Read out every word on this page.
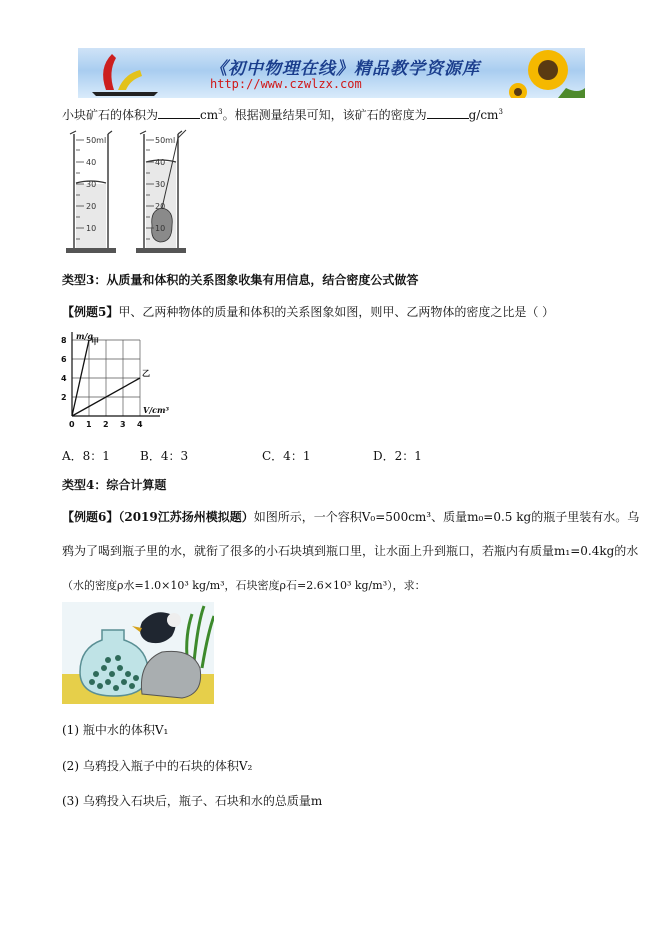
《初中物理在线》精品教学资源库
http://www.czwlzx.com
小块矿石的体积为	$cm^3$。根据测量结果可知，该矿石的密度为	$g/cm^3$
50ml
40
30
20
10
50ml
40
30
20
10
类型3：从质量和体积的关系图象收集有用信息，结合密度公式做答
【例题5】甲、乙两种物体的质量和体积的关系图象如图，则甲、乙两物体的密度之比是（ ）
0 1 2 3 4
2
4
6
8 m/g
V/cm³
甲
乙
A．8：1	B．4：3	C．4：1	D．2：1
类型4：综合计算题
【例题6】（2019江苏扬州模拟题）如图所示，一个容积V₀=500cm³、质量m₀=0.5 kg的瓶子里装有水。乌
鸦为了喝到瓶子里的水，就衔了很多的小石块填到瓶口里，让水面上升到瓶口，若瓶内有质量m₁=0.4kg的水
（水的密度ρ水=1.0×10³ kg/m³，石块密度ρ石=2.6×10³ kg/m³），求：
(1) 瓶中水的体积V₁
(2) 乌鸦投入瓶子中的石块的体积V₂
(3) 乌鸦投入石块后，瓶子、石块和水的总质量m
